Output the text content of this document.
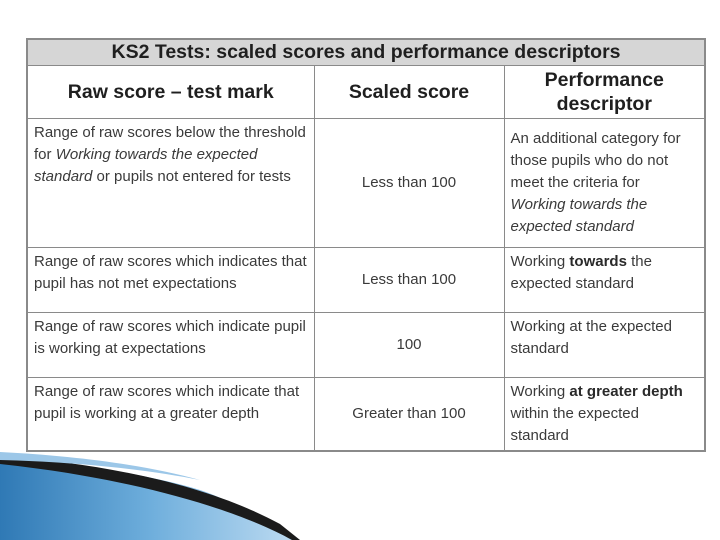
KS2 Tests: scaled scores and performance descriptors		
Raw score – test mark	Scaled score	Performance descriptor
Range of raw scores below the threshold for Working towards the expected standard or pupils not entered for tests	Less than 100	An additional category for those pupils who do not meet the criteria for Working towards the expected standard
Range of raw scores which indicates that pupil has not met expectations	Less than 100	Working towards the expected standard
Range of raw scores which indicate pupil is working at expectations	100	Working at the expected standard
Range of raw scores which indicate that pupil is working at a greater depth	Greater than 100	Working at greater depth within the expected standard
